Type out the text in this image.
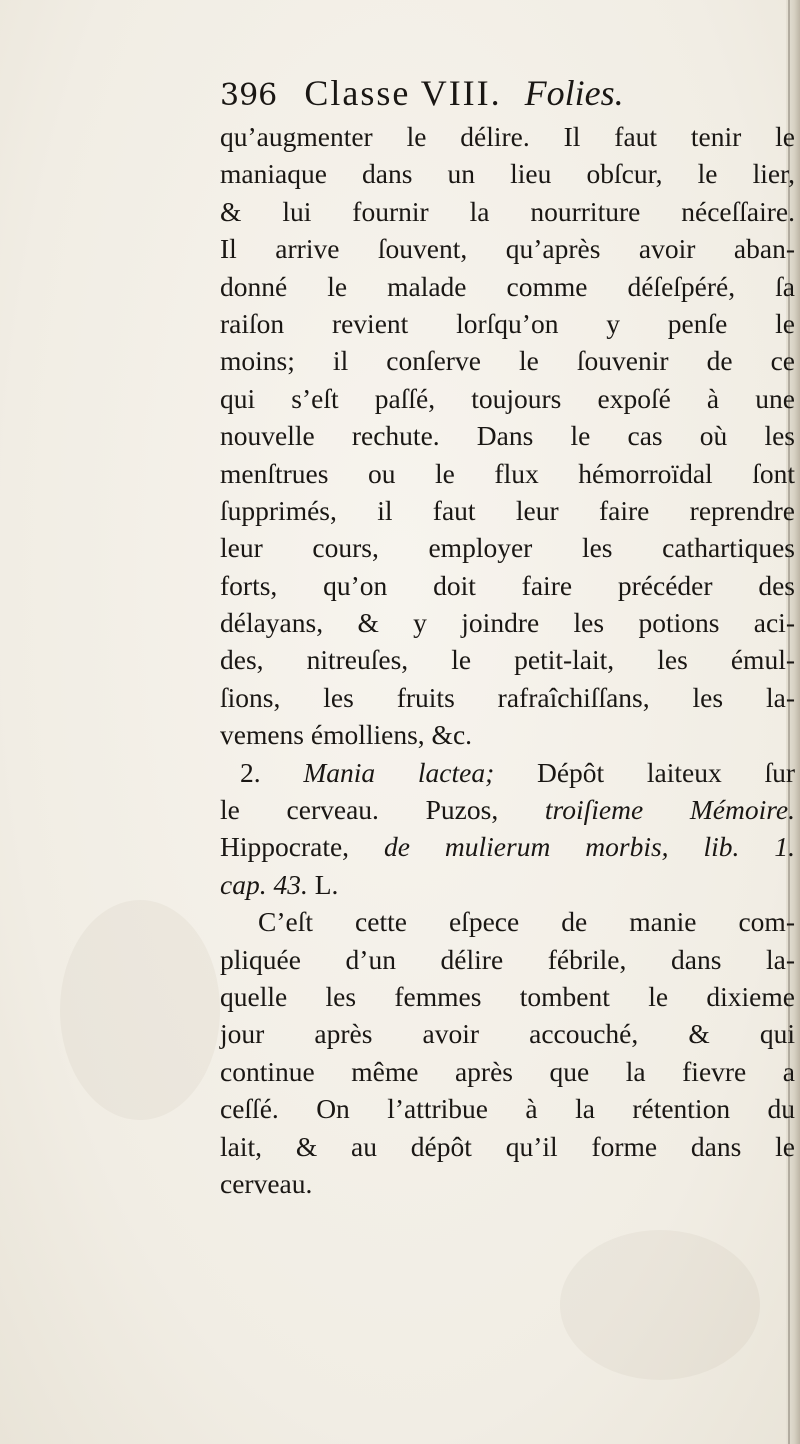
396 Classe VIII. Folies.
qu’augmenter le délire. Il faut tenir le
maniaque dans un lieu obſcur, le lier,
& lui fournir la nourriture néceſſaire.
Il arrive ſouvent, qu’après avoir aban-
donné le malade comme déſeſpéré, ſa
raiſon revient lorſqu’on y penſe le
moins; il conſerve le ſouvenir de ce
qui s’eſt paſſé, toujours expoſé à une
nouvelle rechute. Dans le cas où les
menſtrues ou le flux hémorroïdal ſont
ſupprimés, il faut leur faire reprendre
leur cours, employer les cathartiques
forts, qu’on doit faire précéder des
délayans, & y joindre les potions aci-
des, nitreuſes, le petit-lait, les émul-
ſions, les fruits rafraîchiſſans, les la-
vemens émolliens, &c.
2. Mania lactea; Dépôt laiteux ſur
le cerveau. Puzos, troiſieme Mémoire.
Hippocrate, de mulierum morbis, lib. 1.
cap. 43. L.
C’eſt cette eſpece de manie com-
pliquée d’un délire fébrile, dans la-
quelle les femmes tombent le dixieme
jour après avoir accouché, & qui
continue même après que la fievre a
ceſſé. On l’attribue à la rétention du
lait, & au dépôt qu’il forme dans le
cerveau.
